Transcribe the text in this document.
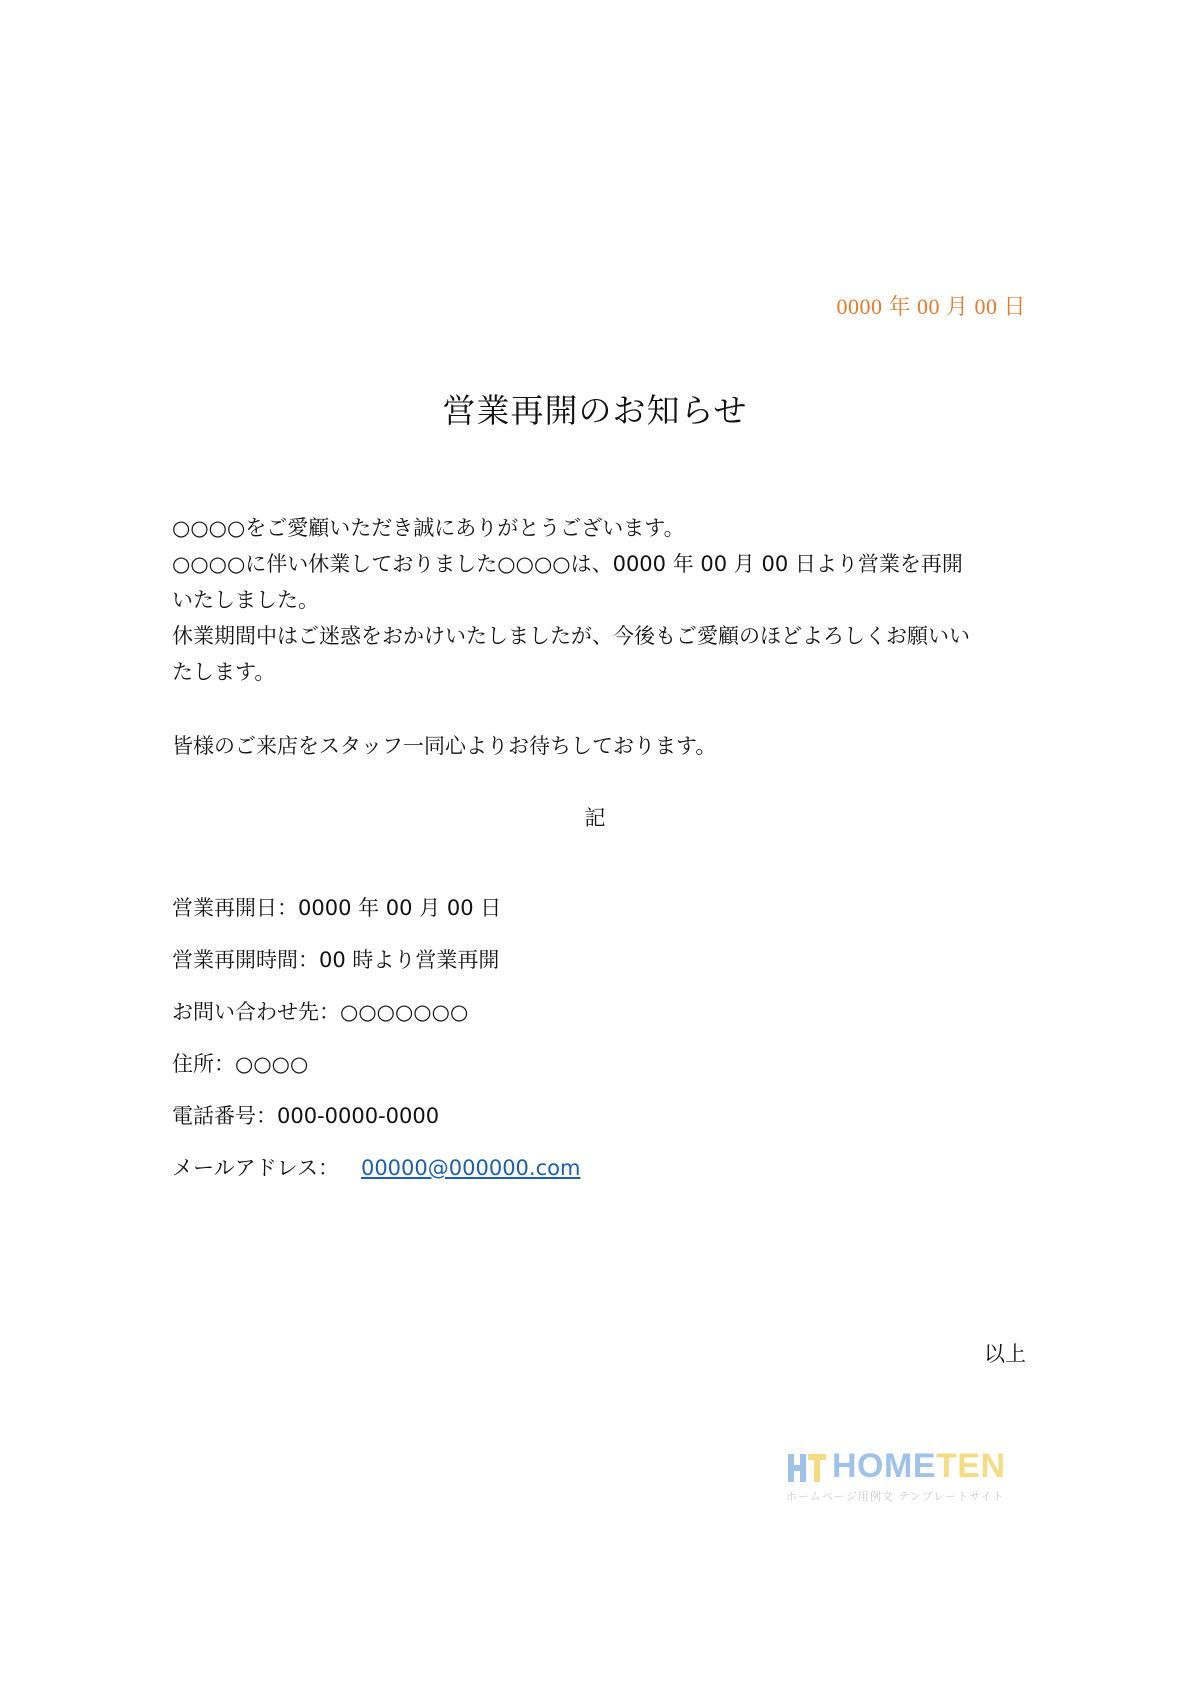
0000 年 00 月 00 日
営業再開のお知らせ

○○○○をご愛顧いただき誠にありがとうございます。

○○○○に伴い休業しておりました○○○○は、0000 年 00 月 00 日より営業を再開

いたしました。

休業期間中はご迷惑をおかけいたしましたが、今後もご愛顧のほどよろしくお願いい

たします。

皆様のご来店をスタッフ一同心よりお待ちしております。
記
営業再開日：0000 年 00 月 00 日
営業再開時間：00 時より営業再開
お問い合わせ先：○○○○○○○
住所：○○○○
電話番号：000-0000-0000
メールアドレス： 00000@000000.com
以上
HOMETEN
ホームページ用例文 テンプレートサイト
